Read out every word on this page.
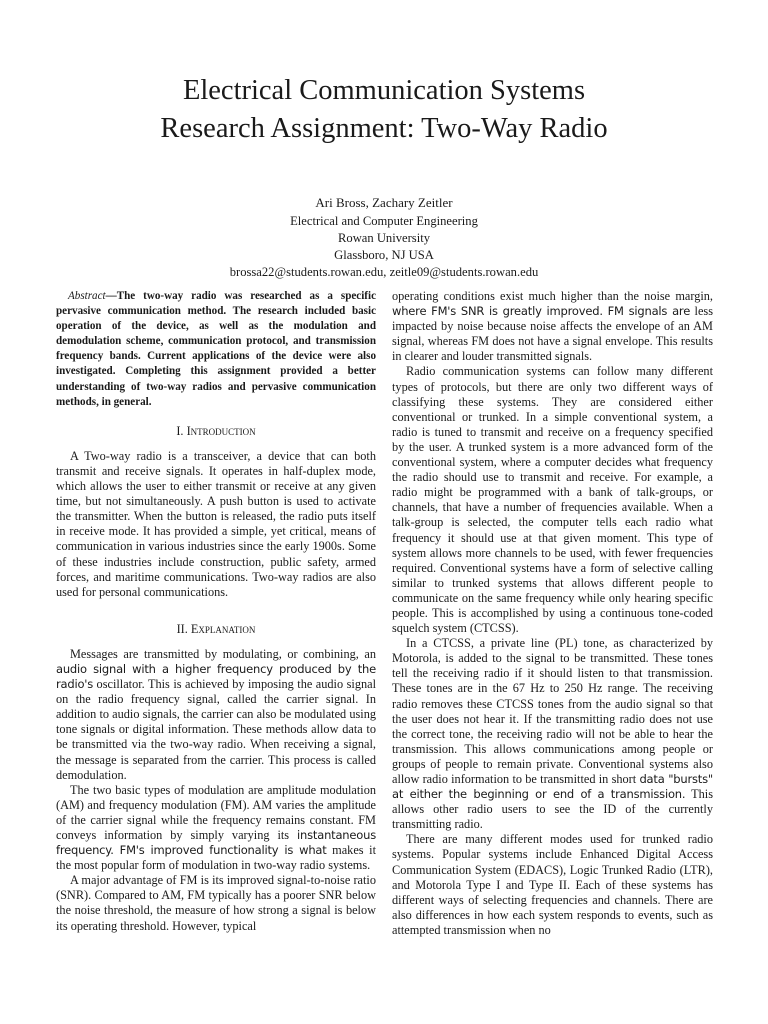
Electrical Communication Systems
Research Assignment: Two-Way Radio
Ari Bross, Zachary Zeitler
Electrical and Computer Engineering
Rowan University
Glassboro, NJ USA
brossa22@students.rowan.edu, zeitle09@students.rowan.edu

Abstract—The two-way radio was researched as a specific pervasive communication method. The research included basic operation of the device, as well as the modulation and demodulation scheme, communication protocol, and transmission frequency bands. Current applications of the device were also investigated. Completing this assignment provided a better understanding of two-way radios and pervasive communication methods, in general.

I. Introduction

A Two-way radio is a transceiver, a device that can both transmit and receive signals. It operates in half-duplex mode, which allows the user to either transmit or receive at any given time, but not simultaneously. A push button is used to activate the transmitter. When the button is released, the radio puts itself in receive mode. It has provided a simple, yet critical, means of communication in various industries since the early 1900s. Some of these industries include construction, public safety, armed forces, and maritime communications. Two-way radios are also used for personal communications.

II. Explanation

Messages are transmitted by modulating, or combining, an audio signal with a higher frequency produced by the radio's oscillator. This is achieved by imposing the audio signal on the radio frequency signal, called the carrier signal. In addition to audio signals, the carrier can also be modulated using tone signals or digital information. These methods allow data to be transmitted via the two-way radio. When receiving a signal, the message is separated from the carrier. This process is called demodulation.

The two basic types of modulation are amplitude modulation (AM) and frequency modulation (FM). AM varies the amplitude of the carrier signal while the frequency remains constant. FM conveys information by simply varying its instantaneous frequency. FM's improved functionality is what makes it the most popular form of modulation in two-way radio systems.

A major advantage of FM is its improved signal-to-noise ratio (SNR). Compared to AM, FM typically has a poorer SNR below the noise threshold, the measure of how strong a signal is below its operating threshold. However, typical

operating conditions exist much higher than the noise margin, where FM's SNR is greatly improved. FM signals are less impacted by noise because noise affects the envelope of an AM signal, whereas FM does not have a signal envelope. This results in clearer and louder transmitted signals.

Radio communication systems can follow many different types of protocols, but there are only two different ways of classifying these systems. They are considered either conventional or trunked. In a simple conventional system, a radio is tuned to transmit and receive on a frequency specified by the user. A trunked system is a more advanced form of the conventional system, where a computer decides what frequency the radio should use to transmit and receive. For example, a radio might be programmed with a bank of talk-groups, or channels, that have a number of frequencies available. When a talk-group is selected, the computer tells each radio what frequency it should use at that given moment. This type of system allows more channels to be used, with fewer frequencies required. Conventional systems have a form of selective calling similar to trunked systems that allows different people to communicate on the same frequency while only hearing specific people. This is accomplished by using a continuous tone-coded squelch system (CTCSS).

In a CTCSS, a private line (PL) tone, as characterized by Motorola, is added to the signal to be transmitted. These tones tell the receiving radio if it should listen to that transmission. These tones are in the 67 Hz to 250 Hz range. The receiving radio removes these CTCSS tones from the audio signal so that the user does not hear it. If the transmitting radio does not use the correct tone, the receiving radio will not be able to hear the transmission. This allows communications among people or groups of people to remain private. Conventional systems also allow radio information to be transmitted in short data "bursts" at either the beginning or end of a transmission. This allows other radio users to see the ID of the currently transmitting radio.

There are many different modes used for trunked radio systems. Popular systems include Enhanced Digital Access Communication System (EDACS), Logic Trunked Radio (LTR), and Motorola Type I and Type II. Each of these systems has different ways of selecting frequencies and channels. There are also differences in how each system responds to events, such as attempted transmission when no
